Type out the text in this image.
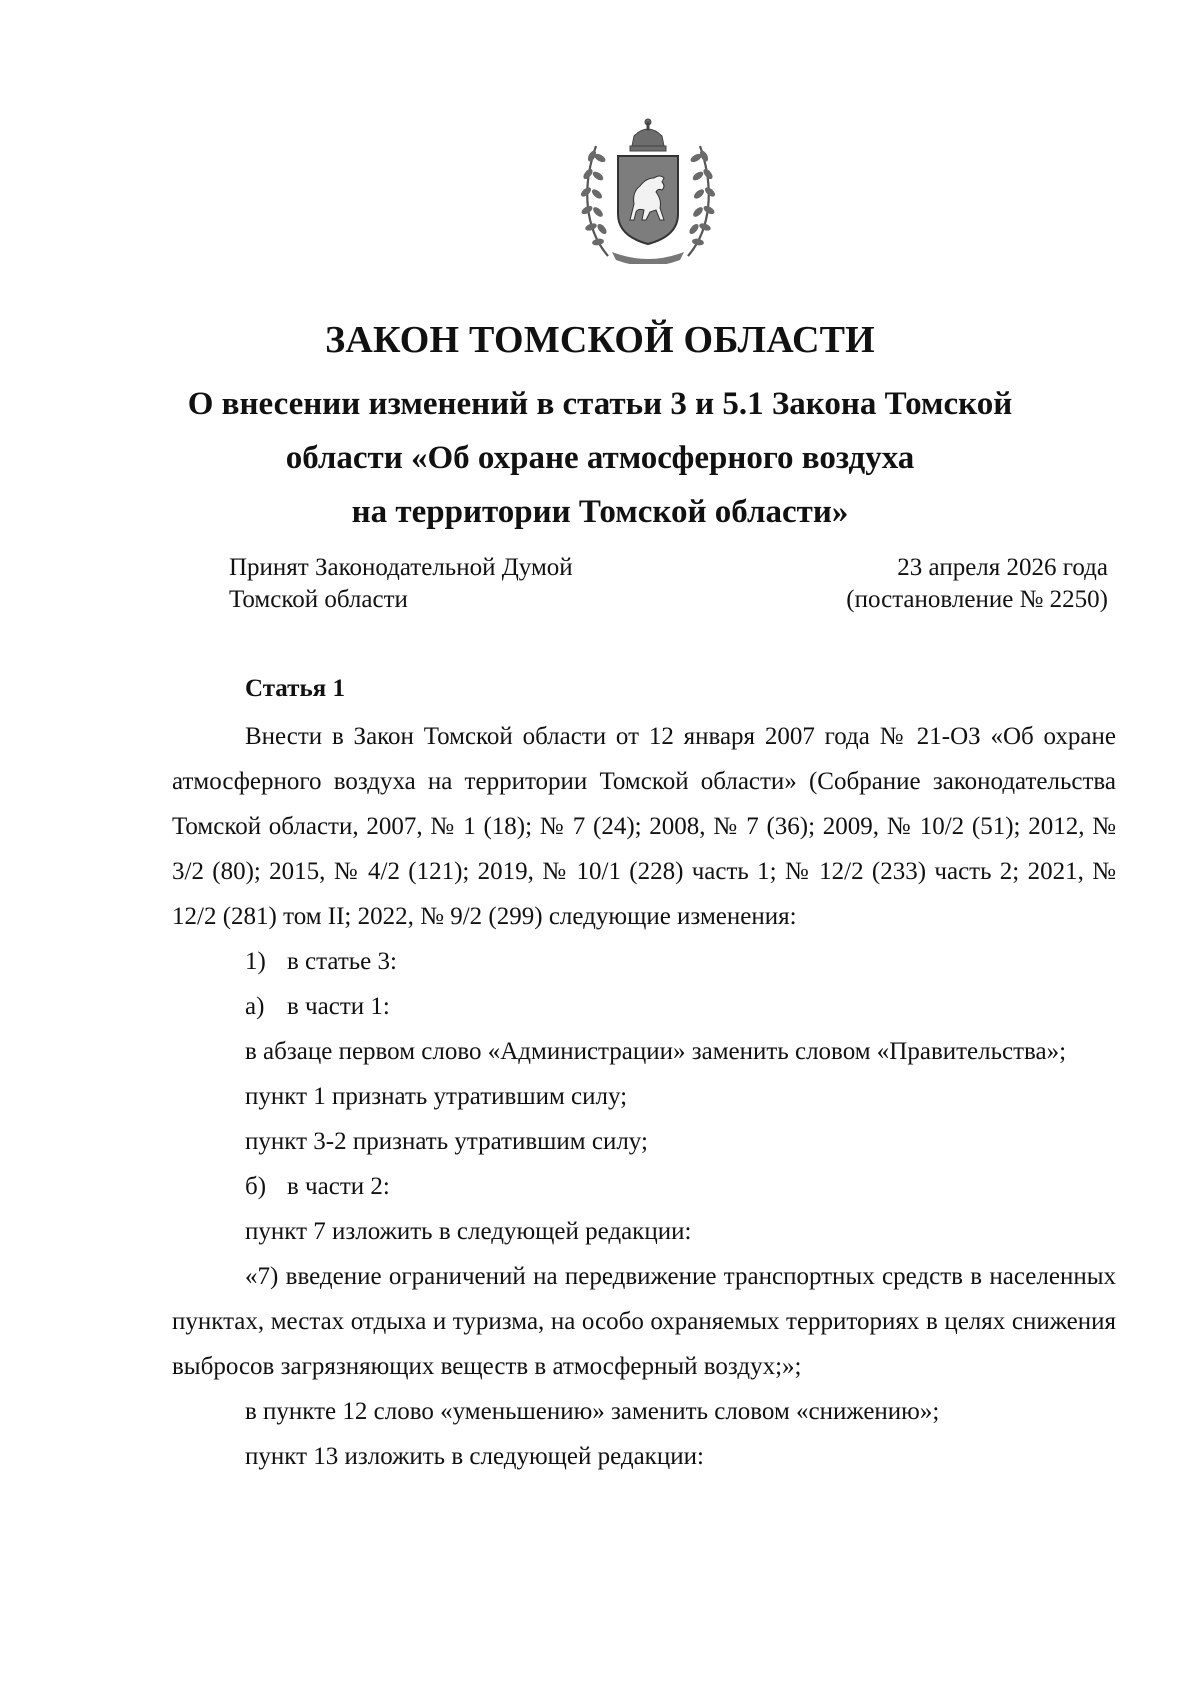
ЗАКОН ТОМСКОЙ ОБЛАСТИ

О внесении изменений в статьи 3 и 5.1 Закона Томской

области «Об охране атмосферного воздуха

на территории Томской области»

Принят Законодательной Думой
Томской области
23 апреля 2026 года
(постановление № 2250)

Статья 1

Внести в Закон Томской области от 12 января 2007 года № 21-ОЗ «Об охране атмосферного воздуха на территории Томской области» (Собрание законодательства Томской области, 2007, № 1 (18); № 7 (24); 2008, № 7 (36); 2009, № 10/2 (51); 2012, № 3/2 (80); 2015, № 4/2 (121); 2019, № 10/1 (228) часть 1; № 12/2 (233) часть 2; 2021, № 12/2 (281) том II; 2022, № 9/2 (299) следующие изменения:

1) в статье 3:

а) в части 1:

в абзаце первом слово «Администрации» заменить словом «Правительства»;

пункт 1 признать утратившим силу;

пункт 3-2 признать утратившим силу;

б) в части 2:

пункт 7 изложить в следующей редакции:

«7) введение ограничений на передвижение транспортных средств в населенных пунктах, местах отдыха и туризма, на особо охраняемых территориях в целях снижения выбросов загрязняющих веществ в атмосферный воздух;»;

в пункте 12 слово «уменьшению» заменить словом «снижению»;

пункт 13 изложить в следующей редакции:
